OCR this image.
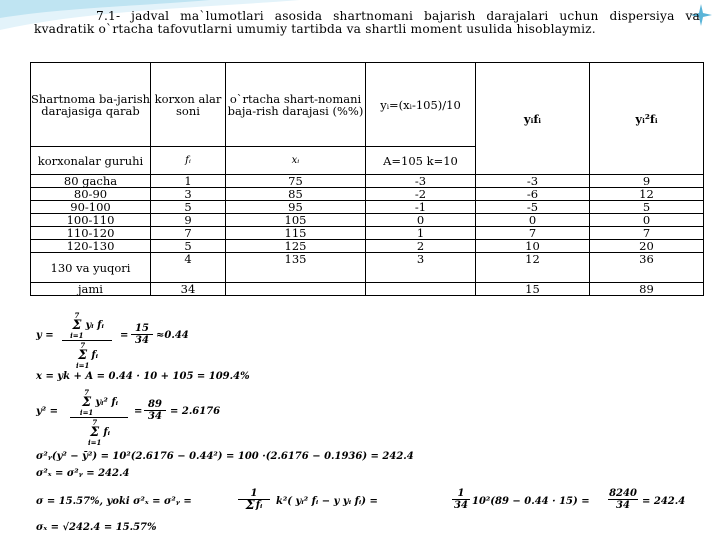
7.1- jadval ma`lumotlari asosida shartnomani bajarish darajalari uchun dispersiya va kvadratik o`rtacha tafovutlarni umumiy tartibda va shartli moment usulida hisoblaymiz.
Shartnoma ba-jarish darajasiga qarab	korxon alar soni	o`rtacha shart-nomani baja-rish darajasi (%%)	yᵢ=(xᵢ-105)/10	yᵢfᵢ	yᵢ²fᵢ
korxonalar guruhi	fᵢ	xᵢ	A=105 k=10		
80 gacha	1	75	-3	-3	9
80-90	3	85	-2	-6	12
90-100	5	95	-1	-5	5
100-110	9	105	0	0	0
110-120	7	115	1	7	7
120-130	5	125	2	10	20
130 va yuqori	4	135	3	12	36
jami	34			15	89
y =
7
Σ
i=1
yᵢ fᵢ
7
Σ
i=1
fᵢ
=
15
34 ≈0.44
x = yk + A = 0.44 · 10 + 105 = 109.4%
y² =
7
Σ
i=1
yᵢ² fᵢ
7
Σ
i=1
fᵢ
=
89
34 = 2.6176
σ²ᵧ(y² − ȳ²) = 10²(2.6176 − 0.44²) = 100 ·(2.6176 − 0.1936) = 242.4
σ²ₓ = σ²ᵧ = 242.4
σ = 15.57%, yoki σ²ₓ = σ²ᵧ =
1
Σ fᵢ k²( yᵢ² fᵢ − y yᵢ fᵢ) =
1
34 10²(89 − 0.44 · 15) =
8240
34 = 242.4
σₓ = √242.4 = 15.57%
